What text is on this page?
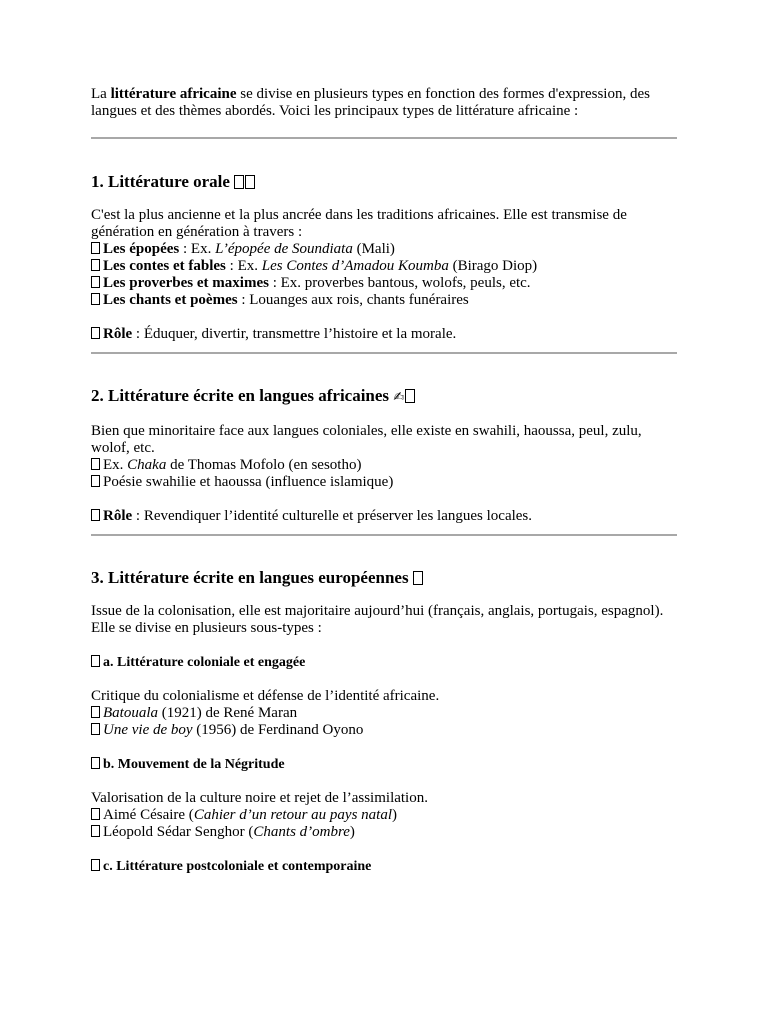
La littérature africaine se divise en plusieurs types en fonction des formes d'expression, des langues et des thèmes abordés. Voici les principaux types de littérature africaine :

1. Littérature orale

C'est la plus ancienne et la plus ancrée dans les traditions africaines. Elle est transmise de génération en génération à travers :

Les épopées : Ex. L’épopée de Soundiata (Mali)

Les contes et fables : Ex. Les Contes d’Amadou Koumba (Birago Diop)

Les proverbes et maximes : Ex. proverbes bantous, wolofs, peuls, etc.

Les chants et poèmes : Louanges aux rois, chants funéraires

Rôle : Éduquer, divertir, transmettre l’histoire et la morale.

2. Littérature écrite en langues africaines ✍

Bien que minoritaire face aux langues coloniales, elle existe en swahili, haoussa, peul, zulu, wolof, etc.

Ex. Chaka de Thomas Mofolo (en sesotho)

Poésie swahilie et haoussa (influence islamique)

Rôle : Revendiquer l’identité culturelle et préserver les langues locales.

3. Littérature écrite en langues européennes

Issue de la colonisation, elle est majoritaire aujourd’hui (français, anglais, portugais, espagnol).

Elle se divise en plusieurs sous-types :

a. Littérature coloniale et engagée

Critique du colonialisme et défense de l’identité africaine.

Batouala (1921) de René Maran

Une vie de boy (1956) de Ferdinand Oyono

b. Mouvement de la Négritude

Valorisation de la culture noire et rejet de l’assimilation.

Aimé Césaire (Cahier d’un retour au pays natal)

Léopold Sédar Senghor (Chants d’ombre)

c. Littérature postcoloniale et contemporaine
